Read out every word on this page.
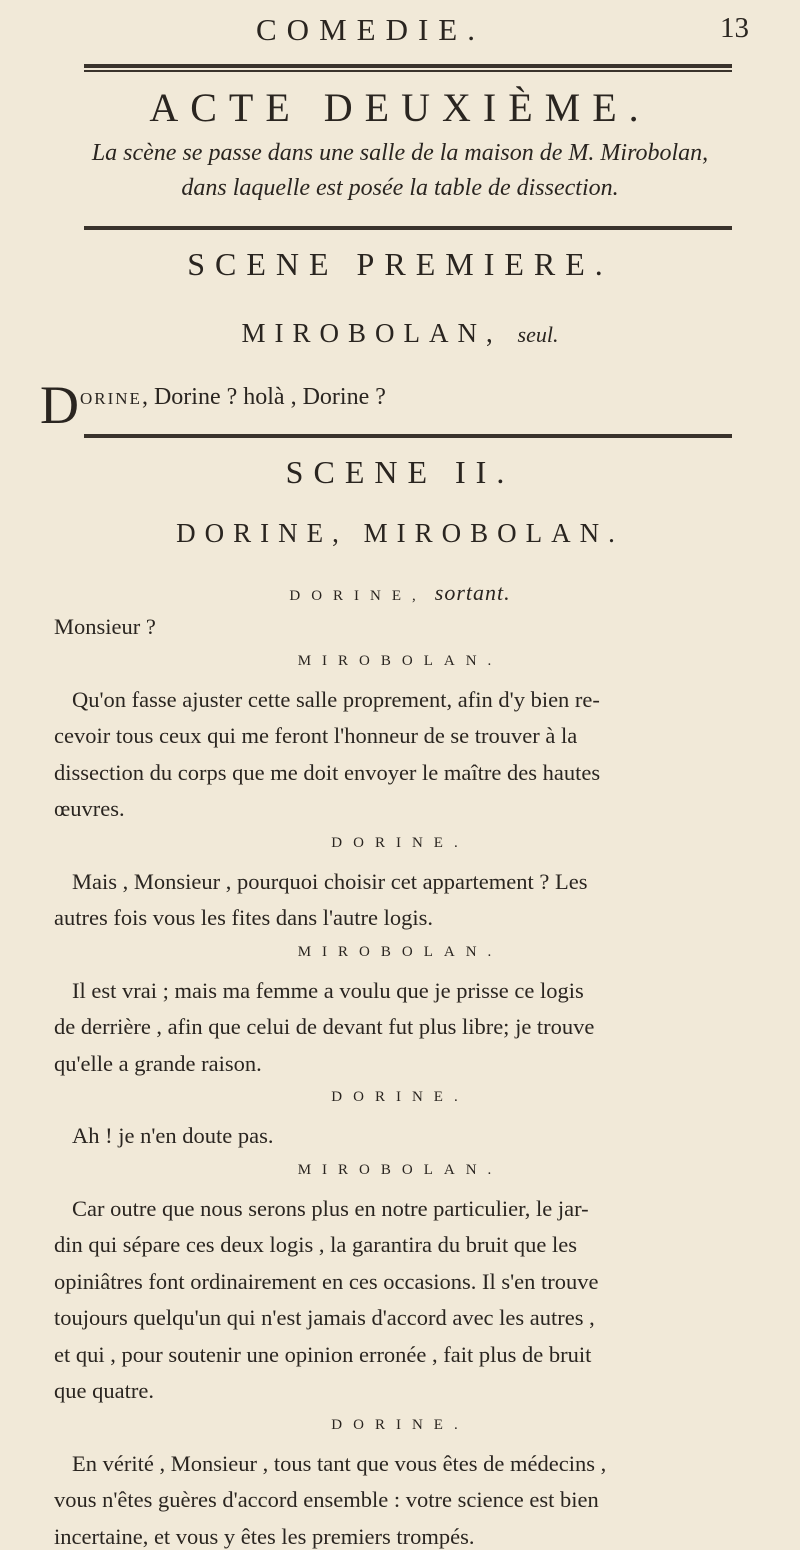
COMEDIE.	13
ACTE DEUXIÈME.
La scène se passe dans une salle de la maison de M. Mirobolan,
dans laquelle est posée la table de dissection.
SCENE PREMIERE.
MIROBOLAN, seul.
D ORINE, Dorine ? holà , Dorine ?
SCENE II.
DORINE, MIROBOLAN.
DORINE, sortant.
Monsieur ?
MIROBOLAN.
Qu'on fasse ajuster cette salle proprement, afin d'y bien re-
cevoir tous ceux qui me feront l'honneur de se trouver à la
dissection du corps que me doit envoyer le maître des hautes
œuvres.
DORINE.
Mais , Monsieur , pourquoi choisir cet appartement ? Les
autres fois vous les fites dans l'autre logis.
MIROBOLAN.
Il est vrai ; mais ma femme a voulu que je prisse ce logis
de derrière , afin que celui de devant fut plus libre; je trouve
qu'elle a grande raison.
DORINE.
Ah ! je n'en doute pas.
MIROBOLAN.
Car outre que nous serons plus en notre particulier, le jar-
din qui sépare ces deux logis , la garantira du bruit que les
opiniâtres font ordinairement en ces occasions. Il s'en trouve
toujours quelqu'un qui n'est jamais d'accord avec les autres ,
et qui , pour soutenir une opinion erronée , fait plus de bruit
que quatre.
DORINE.
En vérité , Monsieur , tous tant que vous êtes de médecins ,
vous n'êtes guères d'accord ensemble : votre science est bien
incertaine, et vous y êtes les premiers trompés.
